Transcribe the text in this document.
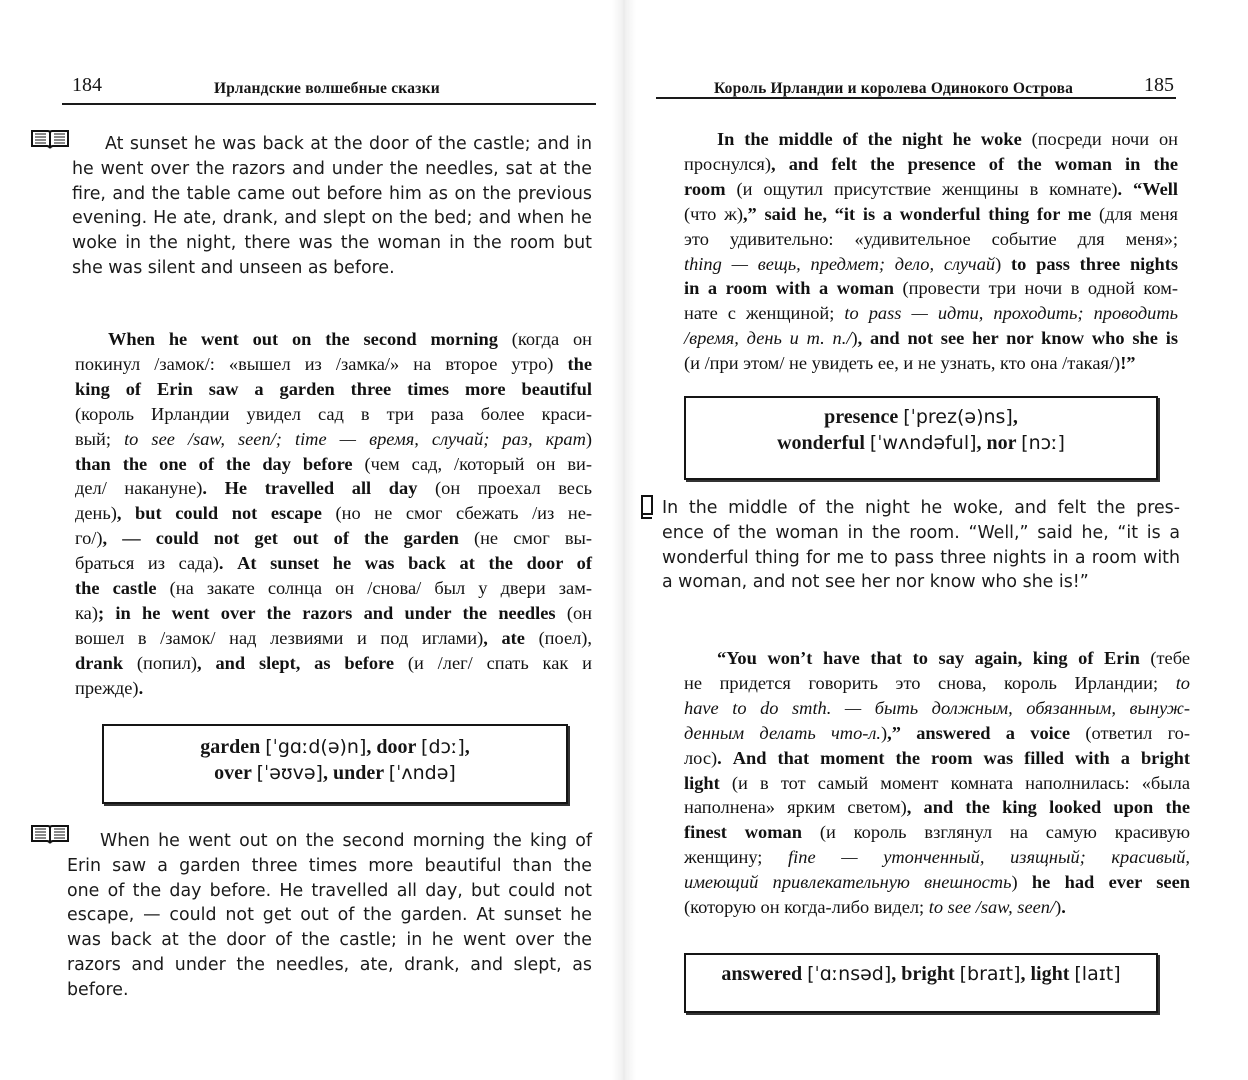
184	Ирландские волшебные сказки
At sunset he was back at the door of the castle; and in
he went over the razors and under the needles, sat at the
fire, and the table came out before him as on the previous
evening. He ate, drank, and slept on the bed; and when he
woke in the night, there was the woman in the room but
she was silent and unseen as before.
When he went out on the second morning (когда он
покинул /замок/: «вышел из /замка/» на второе утро) the
king of Erin saw a garden three times more beautiful
(король Ирландии увидел сад в три раза более краси-
вый; to see /saw, seen/; time — время, случай; раз, крат)
than the one of the day before (чем сад, /который он ви-
дел/ накануне). He travelled all day (он проехал весь
день), but could not escape (но не смог сбежать /из не-
го/), — could not get out of the garden (не смог вы-
браться из сада). At sunset he was back at the door of
the castle (на закате солнца он /снова/ был у двери зам-
ка); in he went over the razors and under the needles (он
вошел в /замок/ над лезвиями и под иглами), ate (поел),
drank (попил), and slept, as before (и /лег/ спать как и
прежде).
garden [ˈgɑːd(ə)n], door [dɔː],
over [ˈəʊvə], under [ˈʌndə]
When he went out on the second morning the king of
Erin saw a garden three times more beautiful than the
one of the day before. He travelled all day, but could not
escape, — could not get out of the garden. At sunset he
was back at the door of the castle; in he went over the
razors and under the needles, ate, drank, and slept, as
before.
Король Ирландии и королева Одинокого Острова	185
In the middle of the night he woke (посреди ночи он
проснулся), and felt the presence of the woman in the
room (и ощутил присутствие женщины в комнате). “Well
(что ж),” said he, “it is a wonderful thing for me (для меня
это удивительно: «удивительное событие для меня»;
thing — вещь, предмет; дело, случай) to pass three nights
in a room with a woman (провести три ночи в одной ком-
нате с женщиной; to pass — идти, проходить; проводить
/время, день и т. п./), and not see her nor know who she is
(и /при этом/ не увидеть ее, и не узнать, кто она /такая/)!”
presence [ˈprez(ə)ns],
wonderful [ˈwʌndəful], nor [nɔː]
In the middle of the night he woke, and felt the pres-
ence of the woman in the room. “Well,” said he, “it is a
wonderful thing for me to pass three nights in a room with
a woman, and not see her nor know who she is!”
“You won’t have that to say again, king of Erin (тебе
не придется говорить это снова, король Ирландии; to
have to do smth. — быть должным, обязанным, вынуж-
денным делать что-л.),” answered a voice (ответил го-
лос). And that moment the room was filled with a bright
light (и в тот самый момент комната наполнилась: «была
наполнена» ярким светом), and the king looked upon the
finest woman (и король взглянул на самую красивую
женщину; fine — утонченный, изящный; красивый,
имеющий привлекательную внешность) he had ever seen
(которую он когда-либо видел; to see /saw, seen/).
answered [ˈɑːnsəd], bright [braɪt], light [laɪt]
